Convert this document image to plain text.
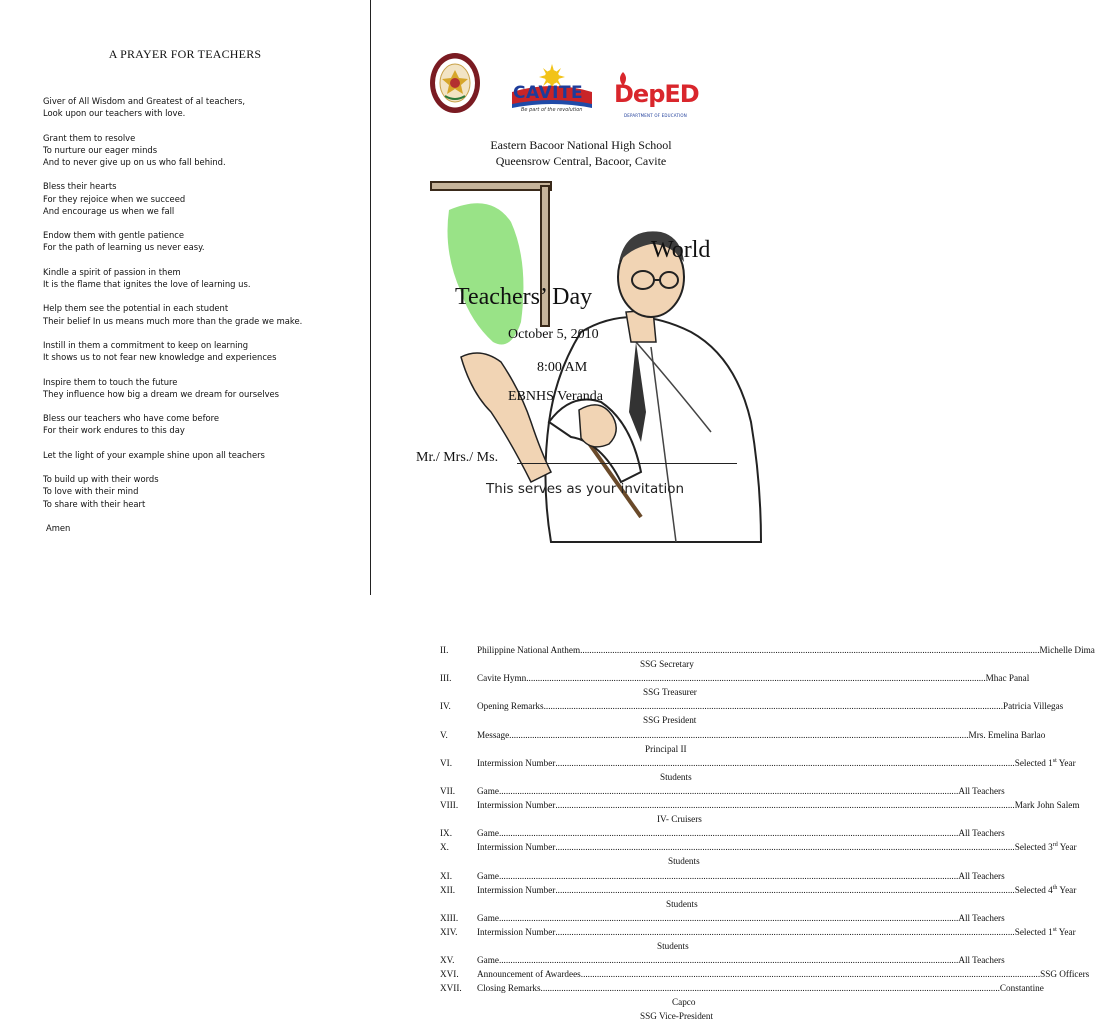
A PRAYER FOR TEACHERS
Giver of All Wisdom and Greatest of al teachers,
Look upon our teachers with love.
Grant them to resolve
To nurture our eager minds
And to never give up on us who fall behind.
Bless their hearts
For they rejoice when we succeed
And encourage us when we fall
Endow them with gentle patience
For the path of learning us never easy.
Kindle a spirit of passion in them
It is the flame that ignites the love of learning us.
Help them see the potential in each student
Their belief In us means much more than the grade we make.
Instill in them a commitment to keep on learning
It shows us to not fear new knowledge and experiences
Inspire them to touch the future
They influence how big a dream we dream for ourselves
Bless our teachers who have come before
For their work endures to this day
Let the light of your example shine upon all teachers
To build up with their words
To love with their mind
To share with their heart
Amen
CAVITE
Be part of the revolution
DepED
DEPARTMENT OF EDUCATION
Eastern Bacoor National High School
Queensrow Central, Bacoor, Cavite
World
Teachers’ Day
October 5, 2010
8:00 AM
EBNHS Veranda
Mr./ Mrs./ Ms.
This serves as your invitation
II.	Philippine National Anthem ........................................................................................................................................................................................................ Michelle Dima
SSG Secretary
III.	Cavite Hymn ........................................................................................................................................................................................................ Mhac Panal
SSG Treasurer
IV.	Opening Remarks ........................................................................................................................................................................................................ Patricia Villegas
SSG President
V.	Message ........................................................................................................................................................................................................ Mrs. Emelina Barlao
Principal II
VI.	Intermission Number ........................................................................................................................................................................................................ Selected 1st Year
Students
VII.	Game ........................................................................................................................................................................................................ All Teachers
VIII.	Intermission Number ........................................................................................................................................................................................................ Mark John Salem
IV- Cruisers
IX.	Game ........................................................................................................................................................................................................ All Teachers
X.	Intermission Number ........................................................................................................................................................................................................ Selected 3rd Year
Students
XI.	Game ........................................................................................................................................................................................................ All Teachers
XII.	Intermission Number ........................................................................................................................................................................................................ Selected 4th Year
Students
XIII.	Game ........................................................................................................................................................................................................ All Teachers
XIV.	Intermission Number ........................................................................................................................................................................................................ Selected 1st Year
Students
XV.	Game ........................................................................................................................................................................................................ All Teachers
XVI.	Announcement of Awardees ........................................................................................................................................................................................................ SSG Officers
XVII.	Closing Remarks ........................................................................................................................................................................................................ Constantine
Capco
SSG Vice-President
